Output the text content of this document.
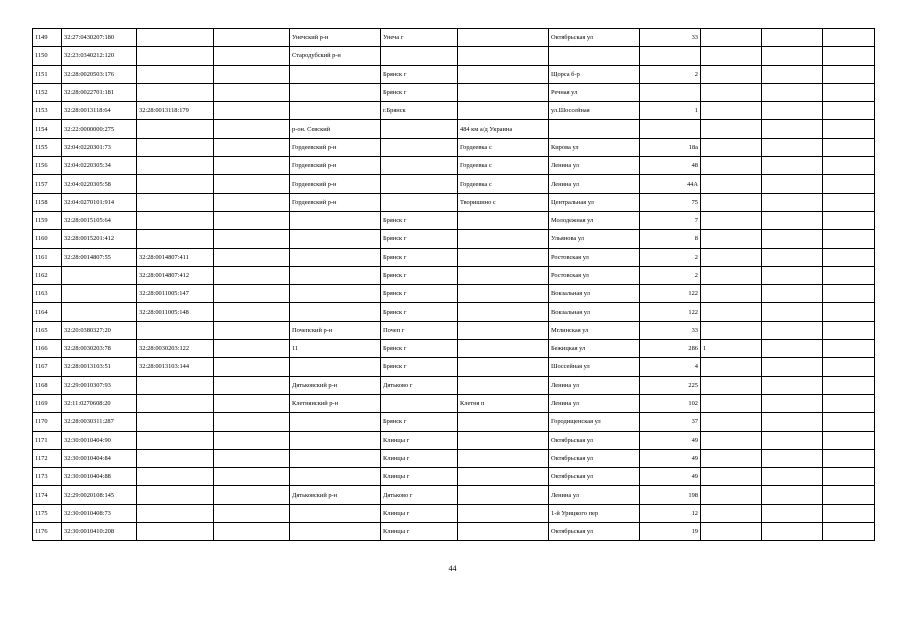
1149	32:27:0430207:180			Унечский р-н	Унеча г		Октябрьская ул	33			
1150	32:23:0340212:120			Стародубский р-н							
1151	32:28:0020503:176				Брянск г		Щорса б-р	2			
1152	32:28:0022701:181				Брянск г		Речная ул				
1153	32:28:0013118:64	32:28:0013118:179			г.Брянск		ул.Шоссейная	1			
1154	32:22:0000000:275			р-он. Севский		484 км а/д Украина					
1155	32:04:0220301:73			Гордеевский р-н		Гордеевка с	Кирова ул	18а			
1156	32:04:0220305:34			Гордеевский р-н		Гордеевка с	Ленина ул	48			
1157	32:04:0220305:58			Гордеевский р-н		Гордеевка с	Ленина ул	44А			
1158	32:04:0270101:914			Гордеевский р-н		Творишино с	Центральная ул	75			
1159	32:28:0015105:64				Брянск г		Молодежная ул	7			
1160	32:28:0015201:412				Брянск г		Ульянова ул	8			
1161	32:28:0014807:55	32:28:0014807:411			Брянск г		Ростовская ул	2			
1162		32:28:0014807:412			Брянск г		Ростовская ул	2			
1163		32:28:0011005:147			Брянск г		Вокзальная ул	122			
1164		32:28:0011005:148			Брянск г		Вокзальная ул	122			
1165	32:20:0380327:20			Почепский р-н	Почеп г		Мглинская ул	33			
1166	32:28:0030203:78	32:28:0030203:122		11	Брянск г		Бежицкая ул	286	1		
1167	32:28:0013103:51	32:28:0013103:144			Брянск г		Шоссейная ул	4			
1168	32:29:0010307:93			Дятьковский р-н	Дятьково г		Ленина ул	225			
1169	32:11:0270608:20			Клетнянский р-н		Клетня п	Ленина ул	102			
1170	32:28:0030311:287				Брянск г		Городищенская ул	37			
1171	32:30:0010404:90				Клинцы г		Октябрьская ул	49			
1172	32:30:0010404:84				Клинцы г		Октябрьская ул	49			
1173	32:30:0010404:88				Клинцы г		Октябрьская ул	49			
1174	32:29:0020108:145			Дятьковский р-н	Дятьково г		Ленина ул	198			
1175	32:30:0010408:73				Клинцы г		1-й Урицкого пер	12			
1176	32:30:0010410:208				Клинцы г		Октябрьская ул	19			
44
